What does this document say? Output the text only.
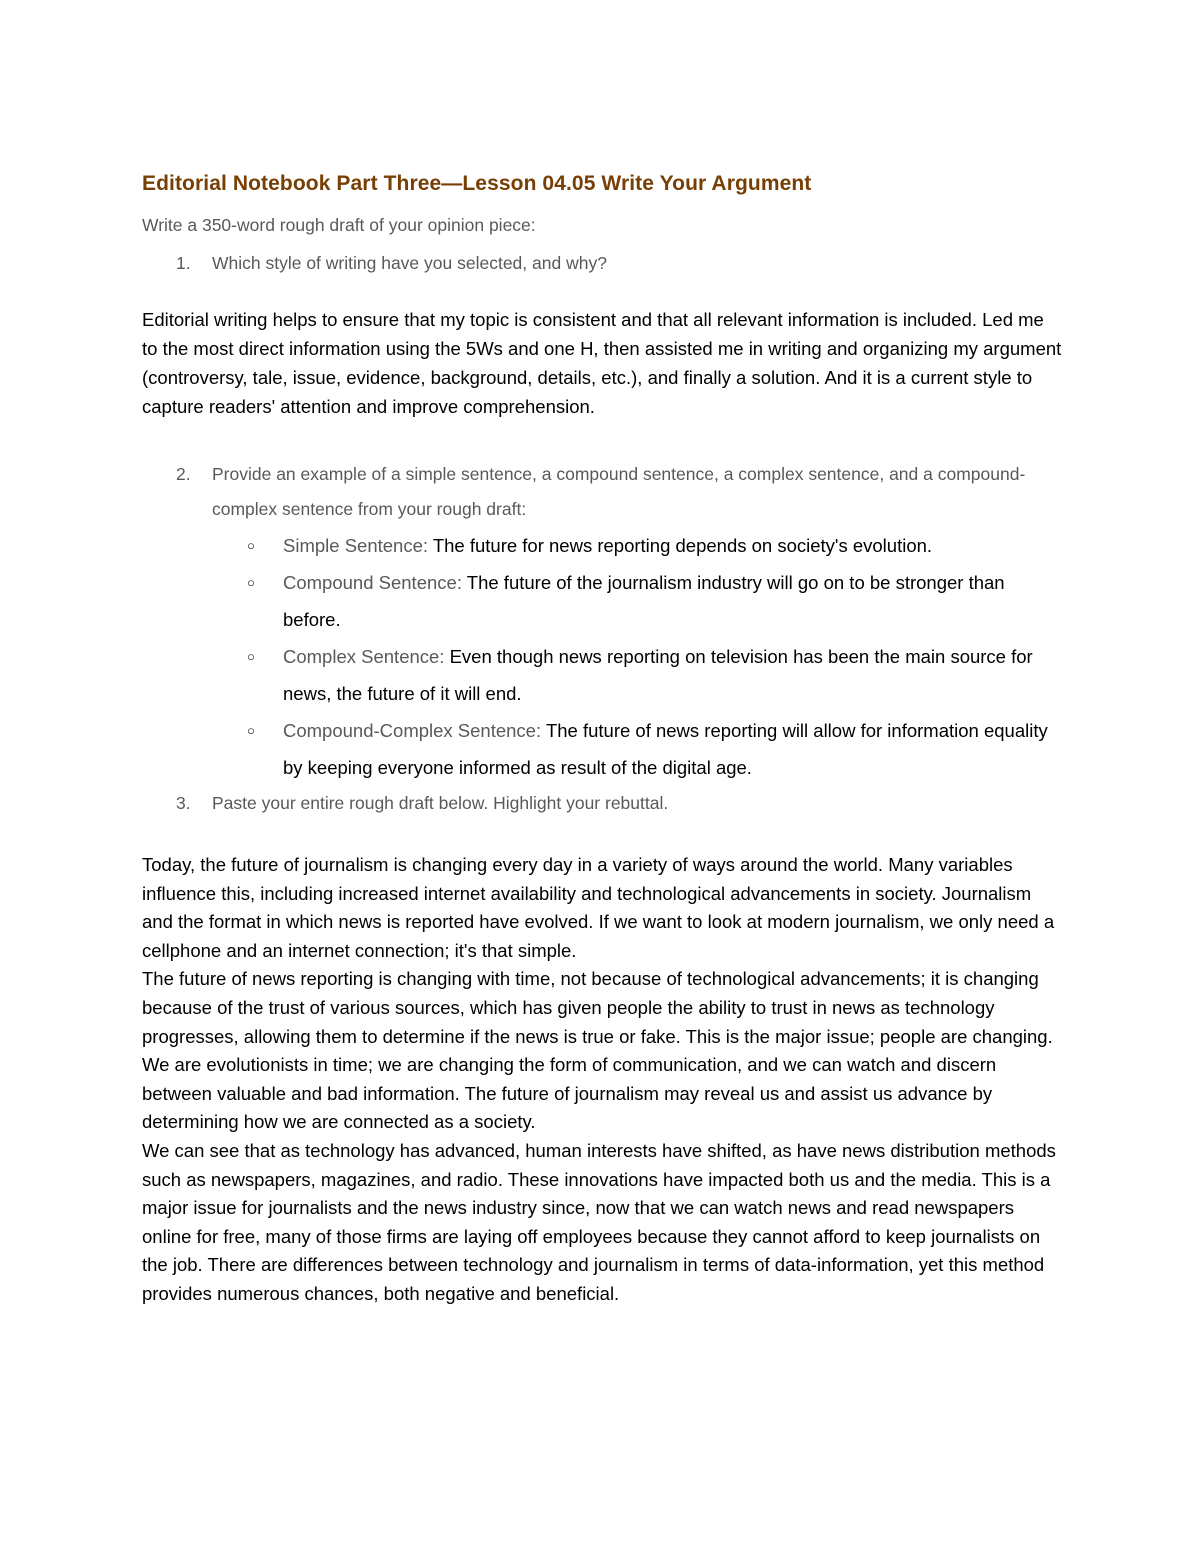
Editorial Notebook Part Three—Lesson 04.05 Write Your Argument

Write a 350-word rough draft of your opinion piece:

1. Which style of writing have you selected, and why?

Editorial writing helps to ensure that my topic is consistent and that all relevant information is included. Led me to the most direct information using the 5Ws and one H, then assisted me in writing and organizing my argument (controversy, tale, issue, evidence, background, details, etc.), and finally a solution. And it is a current style to capture readers' attention and improve comprehension.

2. Provide an example of a simple sentence, a compound sentence, a complex sentence, and a compound-complex sentence from your rough draft:
○ Simple Sentence: The future for news reporting depends on society's evolution.
○ Compound Sentence: The future of the journalism industry will go on to be stronger than before.
○ Complex Sentence: Even though news reporting on television has been the main source for news, the future of it will end.
○ Compound-Complex Sentence: The future of news reporting will allow for information equality by keeping everyone informed as result of the digital age.
3. Paste your entire rough draft below. Highlight your rebuttal.

Today, the future of journalism is changing every day in a variety of ways around the world. Many variables influence this, including increased internet availability and technological advancements in society. Journalism and the format in which news is reported have evolved. If we want to look at modern journalism, we only need a cellphone and an internet connection; it's that simple.

The future of news reporting is changing with time, not because of technological advancements; it is changing because of the trust of various sources, which has given people the ability to trust in news as technology progresses, allowing them to determine if the news is true or fake. This is the major issue; people are changing. We are evolutionists in time; we are changing the form of communication, and we can watch and discern between valuable and bad information. The future of journalism may reveal us and assist us advance by determining how we are connected as a society.

We can see that as technology has advanced, human interests have shifted, as have news distribution methods such as newspapers, magazines, and radio. These innovations have impacted both us and the media. This is a major issue for journalists and the news industry since, now that we can watch news and read newspapers online for free, many of those firms are laying off employees because they cannot afford to keep journalists on the job. There are differences between technology and journalism in terms of data-information, yet this method provides numerous chances, both negative and beneficial.
